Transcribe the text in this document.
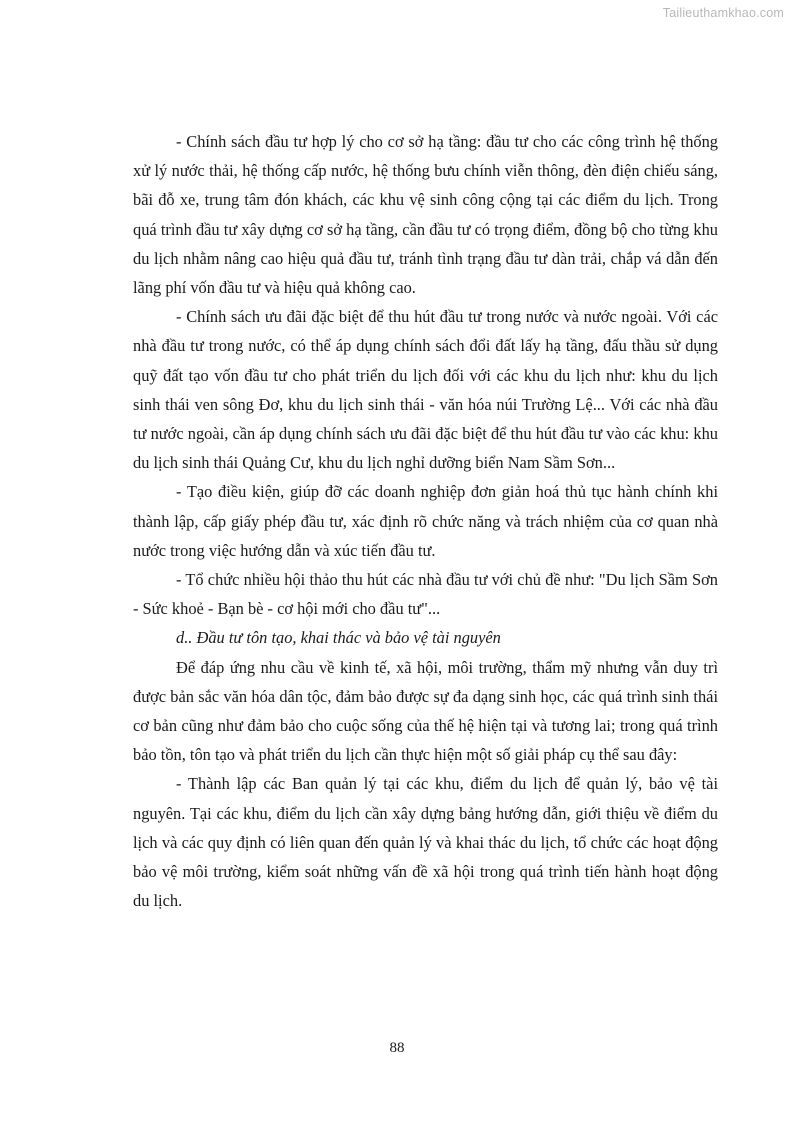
Tailieuthamkhao.com

- Chính sách đầu tư hợp lý cho cơ sở hạ tầng: đầu tư cho các công trình hệ thống xử lý nước thải, hệ thống cấp nước, hệ thống bưu chính viễn thông, đèn điện chiếu sáng, bãi đỗ xe, trung tâm đón khách, các khu vệ sinh công cộng tại các điểm du lịch. Trong quá trình đầu tư xây dựng cơ sở hạ tầng, cần đầu tư có trọng điểm, đồng bộ cho từng khu du lịch nhằm nâng cao hiệu quả đầu tư, tránh tình trạng đầu tư dàn trải, chắp vá dẫn đến lãng phí vốn đầu tư và hiệu quả không cao.

- Chính sách ưu đãi đặc biệt để thu hút đầu tư trong nước và nước ngoài. Với các nhà đầu tư trong nước, có thể áp dụng chính sách đổi đất lấy hạ tầng, đấu thầu sử dụng quỹ đất tạo vốn đầu tư cho phát triển du lịch đối với các khu du lịch như: khu du lịch sinh thái ven sông Đơ, khu du lịch sinh thái - văn hóa núi Trường Lệ... Với các nhà đầu tư nước ngoài, cần áp dụng chính sách ưu đãi đặc biệt để thu hút đầu tư vào các khu: khu du lịch sinh thái Quảng Cư, khu du lịch nghỉ dưỡng biển Nam Sầm Sơn...

- Tạo điều kiện, giúp đỡ các doanh nghiệp đơn giản hoá thủ tục hành chính khi thành lập, cấp giấy phép đầu tư, xác định rõ chức năng và trách nhiệm của cơ quan nhà nước trong việc hướng dẫn và xúc tiến đầu tư.

- Tổ chức nhiều hội thảo thu hút các nhà đầu tư với chủ đề như: "Du lịch Sầm Sơn - Sức khoẻ - Bạn bè - cơ hội mới cho đầu tư"...

d.. Đầu tư tôn tạo, khai thác và bảo vệ tài nguyên

Để đáp ứng nhu cầu về kinh tế, xã hội, môi trường, thẩm mỹ nhưng vẫn duy trì được bản sắc văn hóa dân tộc, đảm bảo được sự đa dạng sinh học, các quá trình sinh thái cơ bản cũng như đảm bảo cho cuộc sống của thế hệ hiện tại và tương lai; trong quá trình bảo tồn, tôn tạo và phát triển du lịch cần thực hiện một số giải pháp cụ thể sau đây:

- Thành lập các Ban quản lý tại các khu, điểm du lịch để quản lý, bảo vệ tài nguyên. Tại các khu, điểm du lịch cần xây dựng bảng hướng dẫn, giới thiệu về điểm du lịch và các quy định có liên quan đến quản lý và khai thác du lịch, tổ chức các hoạt động bảo vệ môi trường, kiểm soát những vấn đề xã hội trong quá trình tiến hành hoạt động du lịch.

88
